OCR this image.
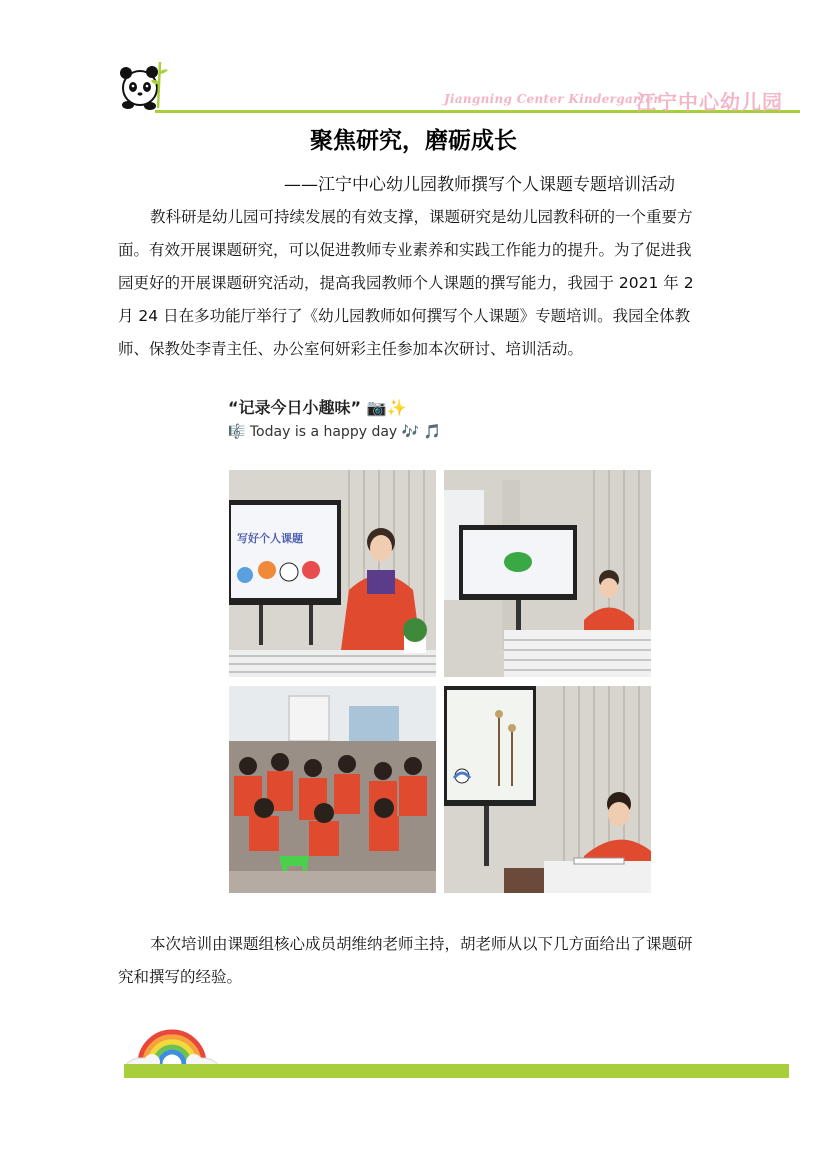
Jiangning Center Kindergarten
江宁中心幼儿园
聚焦研究，磨砺成长
——江宁中心幼儿园教师撰写个人课题专题培训活动

教科研是幼儿园可持续发展的有效支撑，课题研究是幼儿园教科研的一个重要方
面。有效开展课题研究，可以促进教师专业素养和实践工作能力的提升。为了促进我
园更好的开展课题研究活动，提高我园教师个人课题的撰写能力，我园于 2021 年 2
月 24 日在多功能厅举行了《幼儿园教师如何撰写个人课题》专题培训。我园全体教
师、保教处李青主任、办公室何妍彩主任参加本次研讨、培训活动。

“记录今日小趣味” 📷✨
🎼 Today is a happy day 🎶 🎵
写好个人课题

本次培训由课题组核心成员胡维纳老师主持，胡老师从以下几方面给出了课题研
究和撰写的经验。
